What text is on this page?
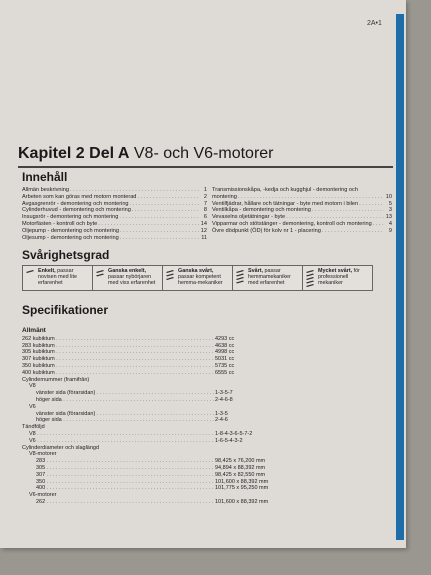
2A•1
Kapitel 2 Del A V8- och V6-motorer
Innehåll
Allmän beskrivning . . .	1
Arbeten som kan göras med motorn monterad . . .	2
Avgasgrenrör - demontering och montering . . .	7
Cylinderhuvud - demontering och montering . . .	8
Insugsrör - demontering och montering . . .	6
Motorfästen - kontroll och byte . . .	14
Oljepump - demontering och montering . . .	12
Oljesump - demontering och montering . . .	11
Transmissionskåpa, -kedja och kugghjul - demontering och
montering . . .	10
Ventilfjädrar, hållare och tätningar - byte med motorn i bilen . . .	5
Ventilkåpa - demontering och montering . . .	3
Vevaxelns oljetätningar - byte . . .	13
Vipparmar och stötstänger - demontering, kontroll och montering . . .	4
Övre dödpunkt (ÖD) för kolv nr 1 - placering . . .	9
Svårighetsgrad
Enkelt, passar novisen med lite erfarenhet
Ganska enkelt, passar nybörjaren med viss erfarenhet
Ganska svårt, passar kompetent hemma-mekaniker
Svårt, passar hemmamekaniker med erfarenhet
Mycket svårt, för professionell mekaniker
Specifikationer
Allmänt
262 kubiktum . . .	4293 cc
283 kubiktum . . .	4638 cc
305 kubiktum . . .	4998 cc
307 kubiktum . . .	5031 cc
350 kubiktum . . .	5735 cc
400 kubiktum . . .	6555 cc
Cylindernummer (framifrån)
V8
vänster sida (förarsidan) . . .	1-3-5-7
höger sida . . .	2-4-6-8
V6
vänster sida (förarsidan) . . .	1-3-5
höger sida . . .	2-4-6
Tändföljd
V8 . . .	1-8-4-3-6-5-7-2
V6 . . .	1-6-5-4-3-2
Cylinderdiameter och slaglängd
V8-motorer
283 . . .	98,425 x 76,200 mm
305 . . .	94,894 x 88,392 mm
307 . . .	98,425 x 82,550 mm
350 . . .	101,600 x 88,392 mm
400 . . .	101,775 x 95,250 mm
V6-motorer
262 . . .	101,600 x 88,392 mm
